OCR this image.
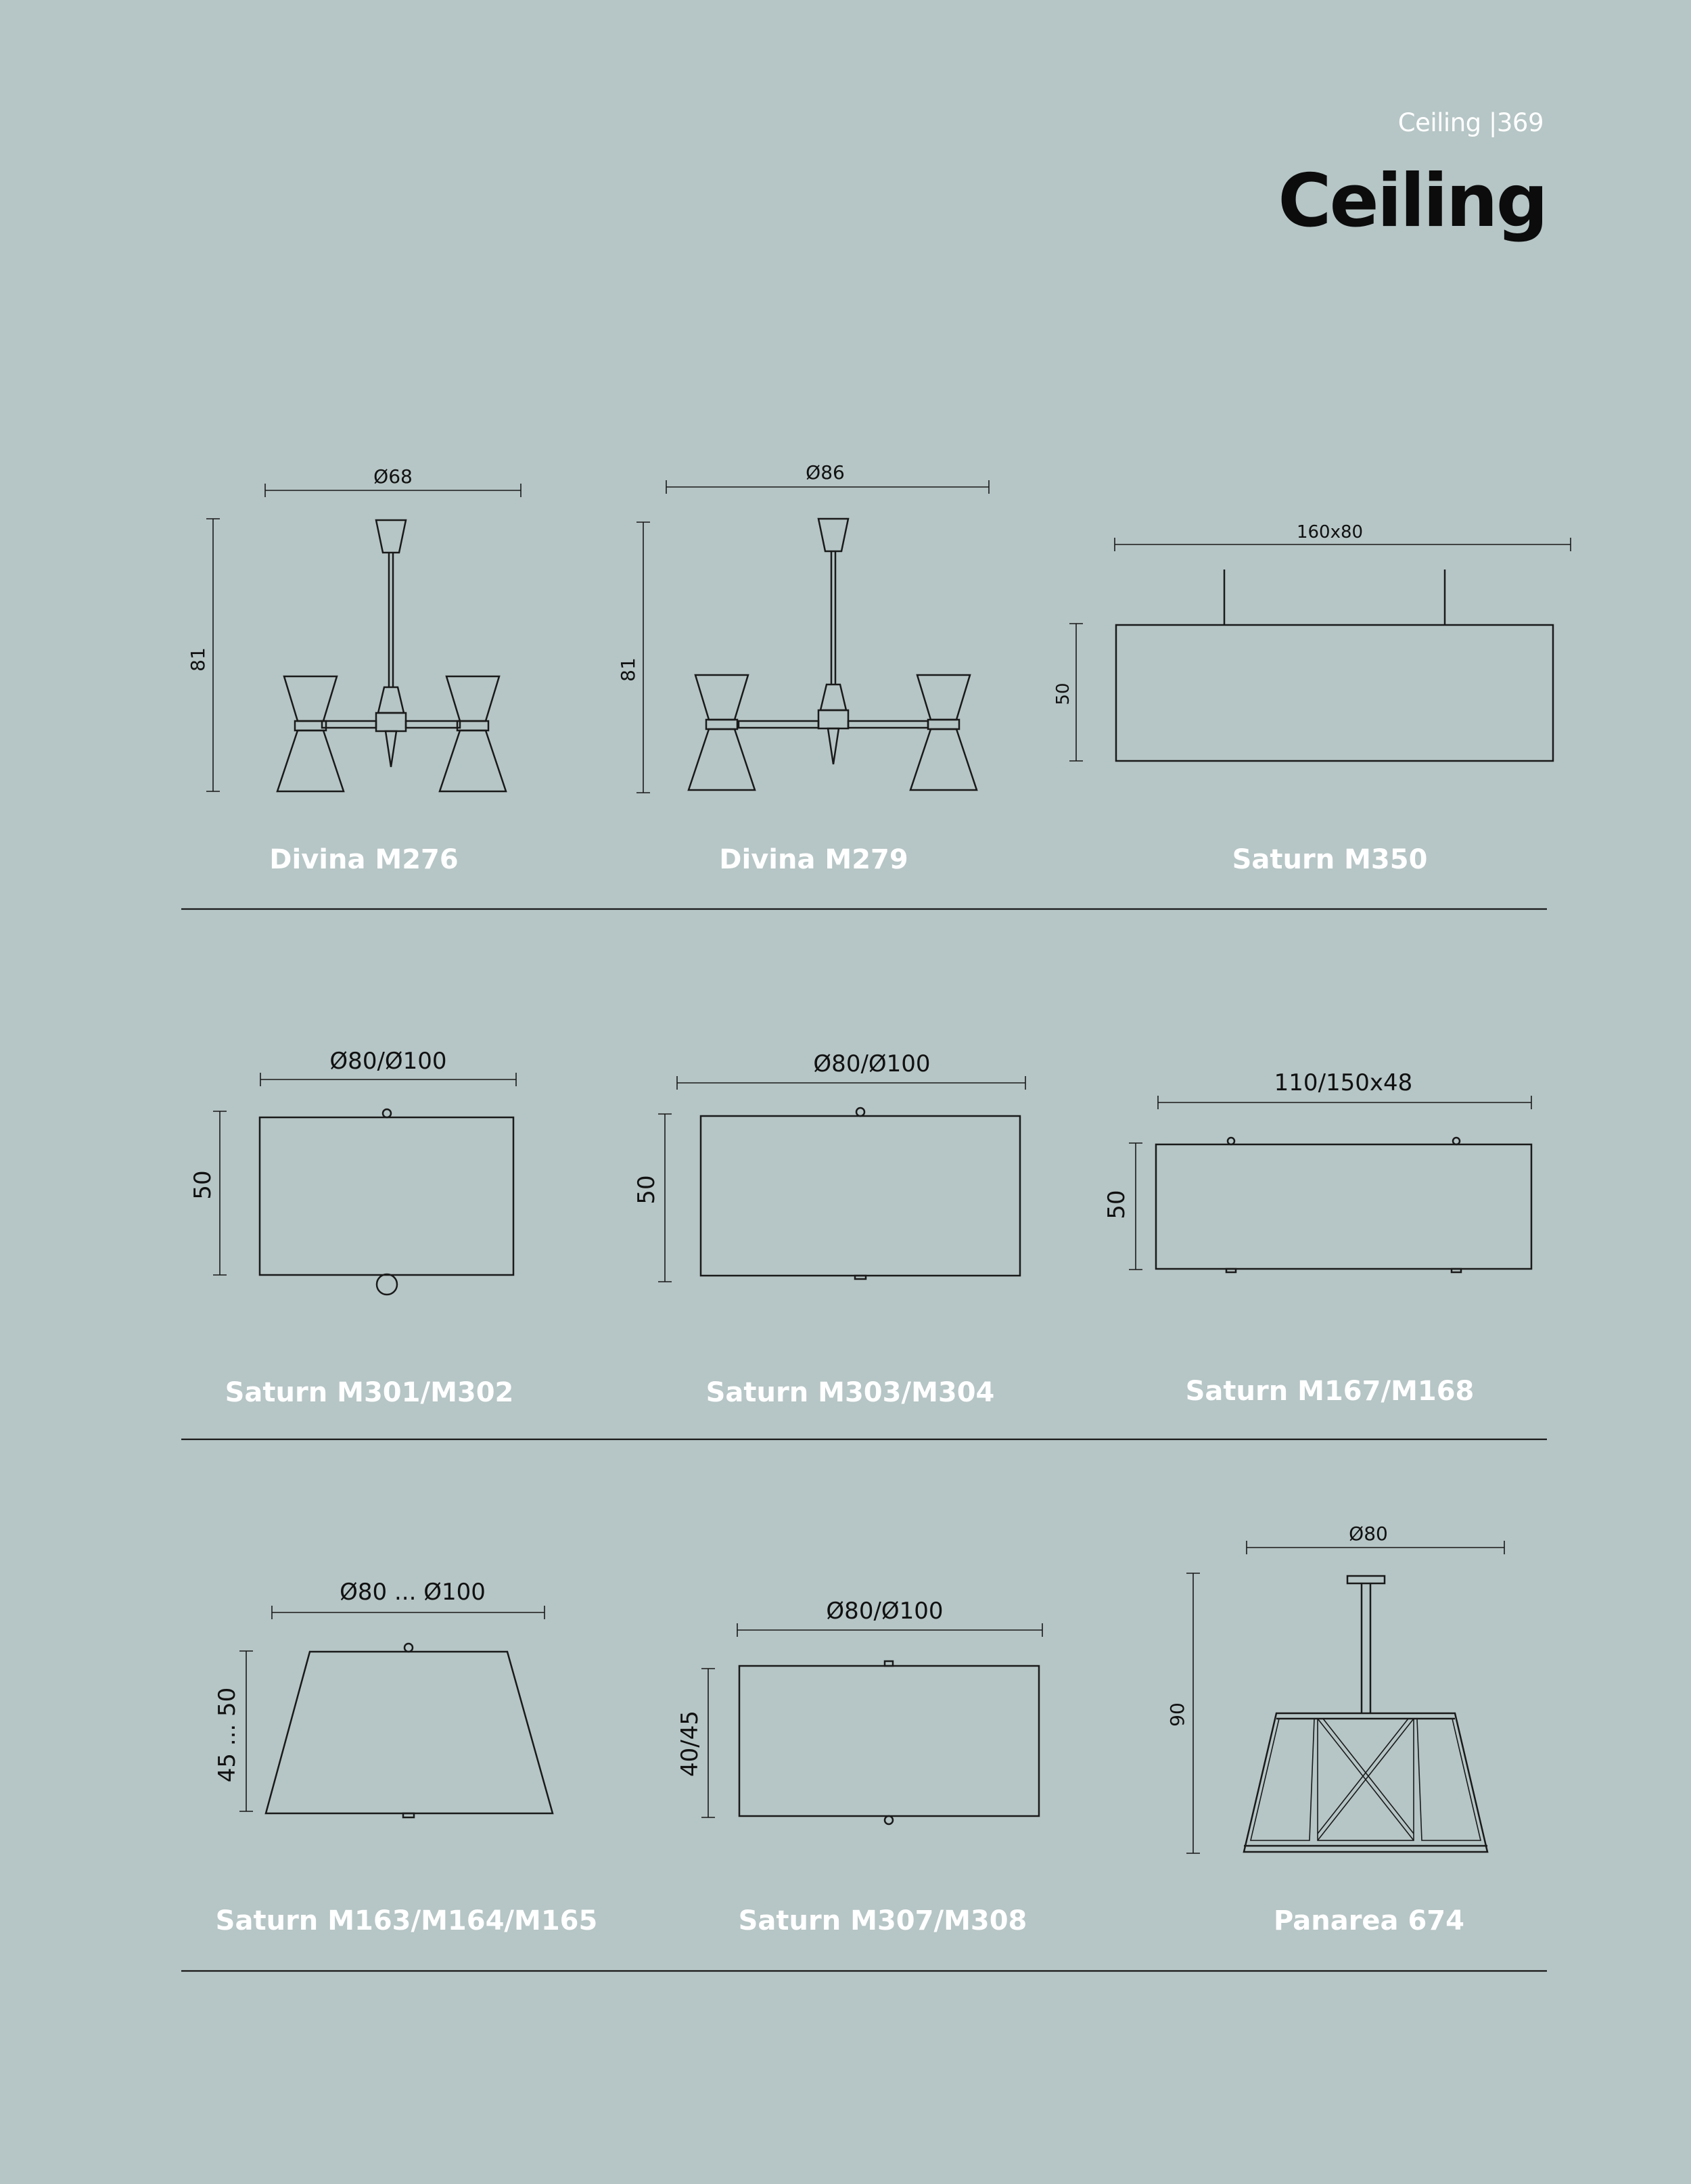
Ceiling |369
Ceiling
Ø68
81
Divina M276
Ø86
81
Divina M279
160x80
50
Saturn M350
Ø80/Ø100
50
Saturn M301/M302
Ø80/Ø100
50
Saturn M303/M304
110/150x48
50
Saturn M167/M168
Ø80 ... Ø100
45 ... 50
Saturn M163/M164/M165
Ø80/Ø100
40/45
Saturn M307/M308
Ø80
90
Panarea 674
